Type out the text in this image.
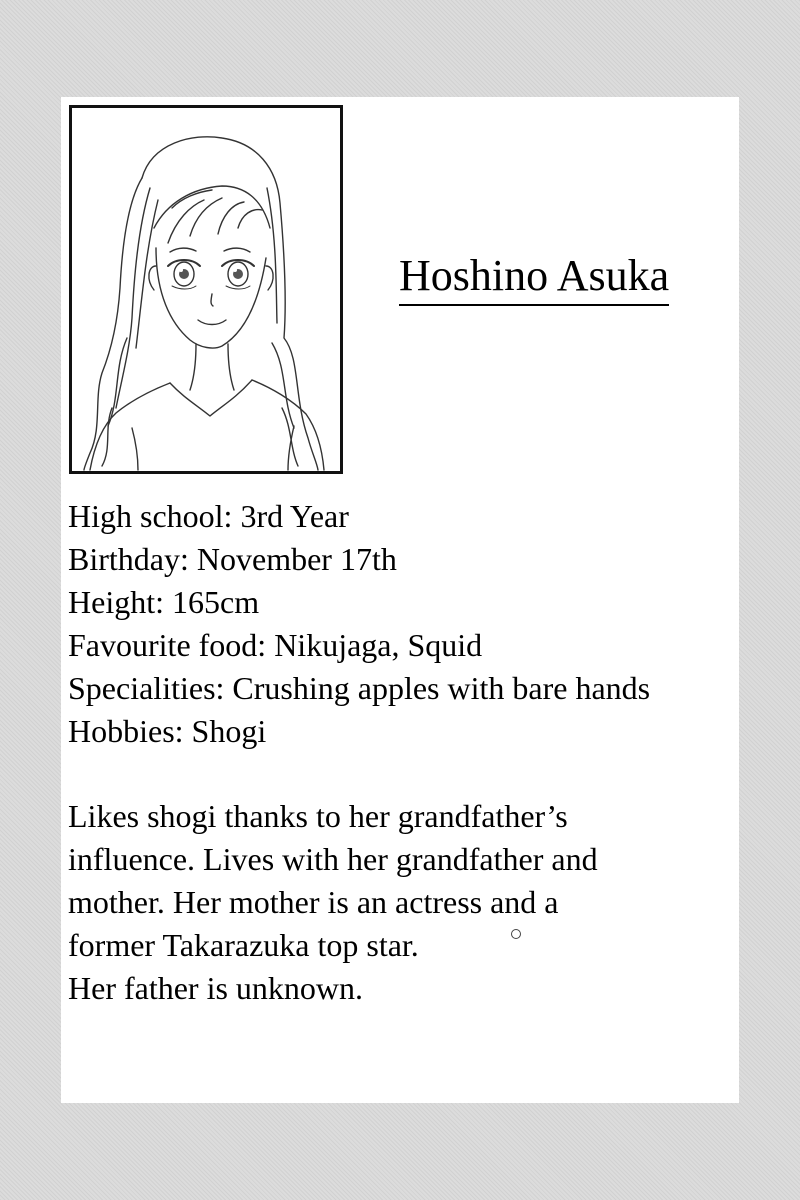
Hoshino Asuka
High school: 3rd Year
Birthday: November 17th
Height: 165cm
Favourite food: Nikujaga, Squid
Specialities: Crushing apples with bare hands
Hobbies: Shogi
Likes shogi thanks to her grandfather’s
influence. Lives with her grandfather and
mother. Her mother is an actress and a
former Takarazuka top star.
Her father is unknown.
